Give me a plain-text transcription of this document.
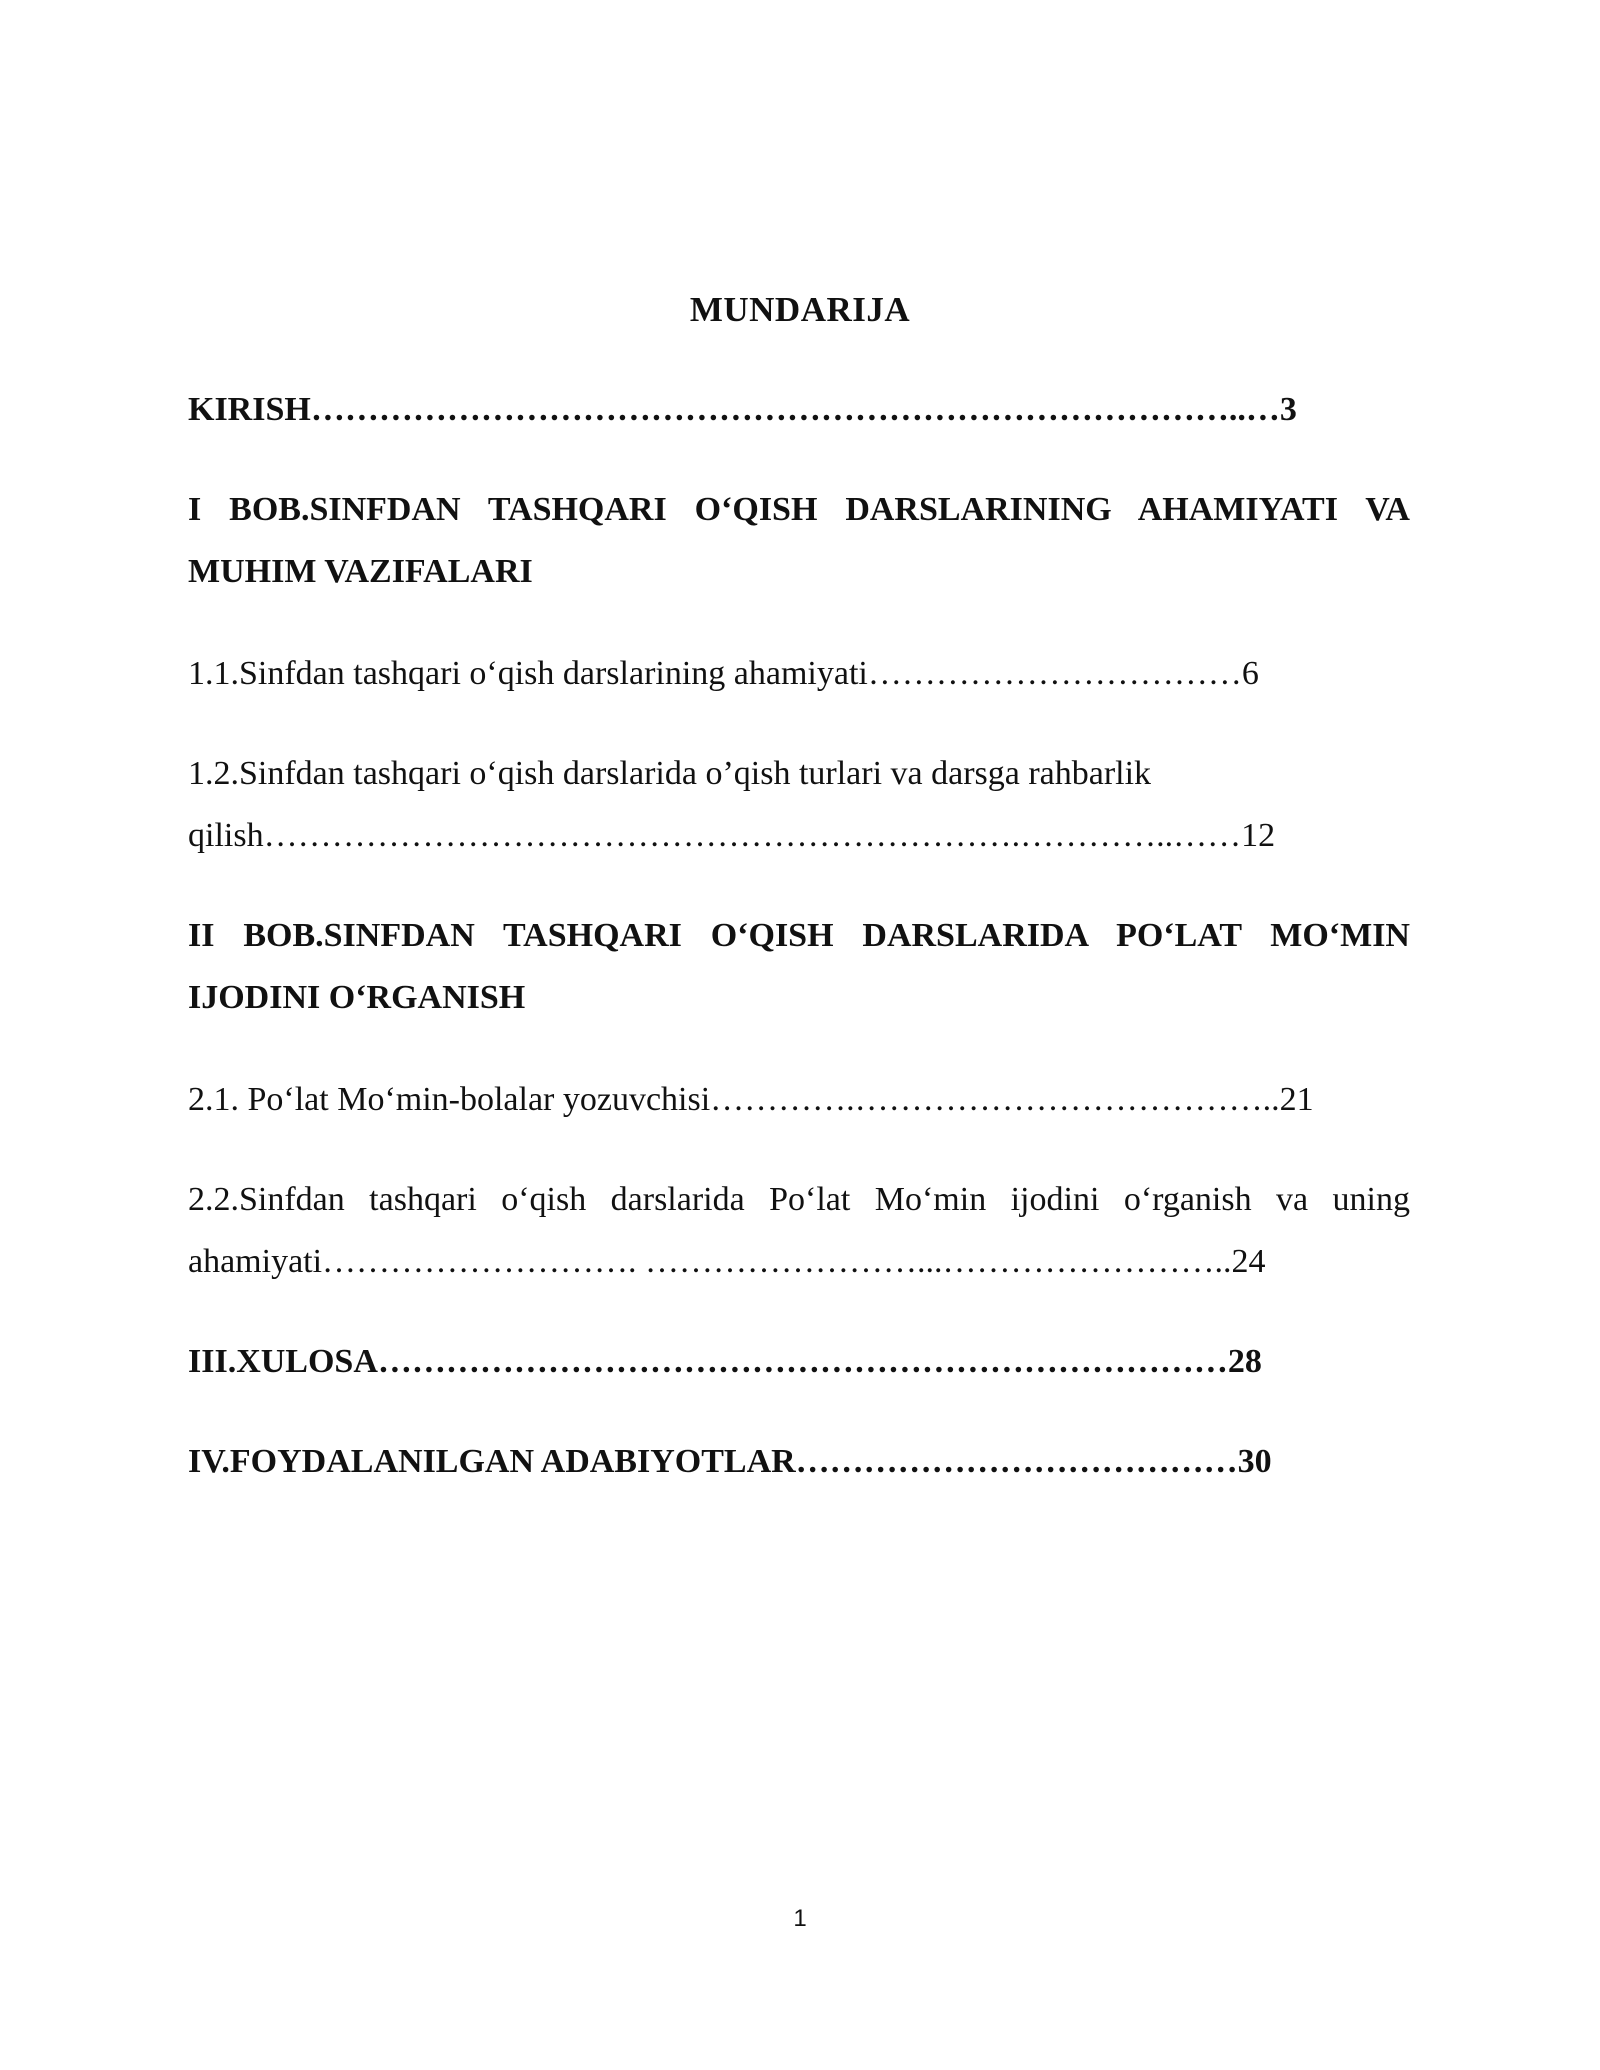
MUNDARIJA
KIRISH………………………………………………………………………..…3
I BOB.SINFDAN TASHQARI O‘QISH DARSLARINING AHAMIYATI VA
MUHIM VAZIFALARI
1.1.Sinfdan tashqari o‘qish darslarining ahamiyati……………………………6
1.2.Sinfdan tashqari o‘qish darslarida o’qish turlari va darsga rahbarlik
qilish………………………………………………………….…………..……12
II BOB.SINFDAN TASHQARI O‘QISH DARSLARIDA PO‘LAT MO‘MIN
IJODINI O‘RGANISH
2.1. Po‘lat Mo‘min-bolalar yozuvchisi………….………………………………..21
2.2.Sinfdan tashqari o‘qish darslarida Po‘lat Mo‘min ijodini o‘rganish va uning
ahamiyati………………………. ……………………...……………………..24
III.XULOSA…………………………………………………………………28
IV.FOYDALANILGAN ADABIYOTLAR…………………………………30
1
